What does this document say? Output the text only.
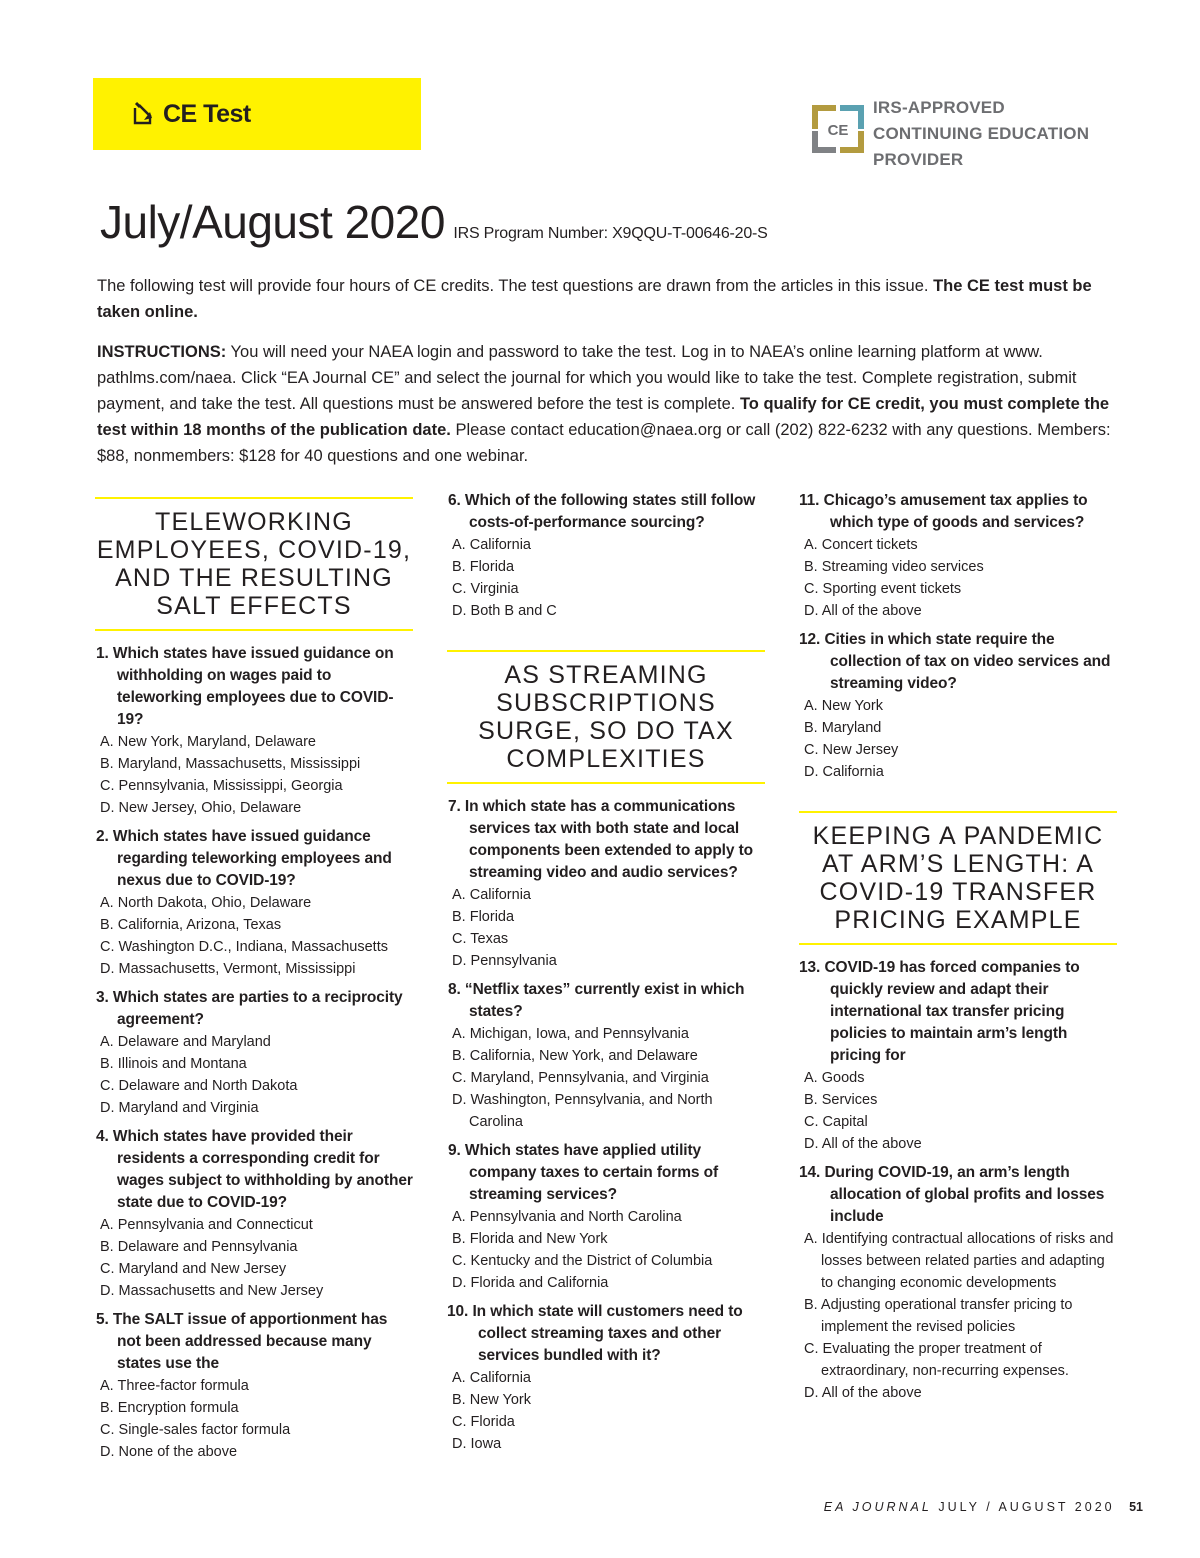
CE Test
CE
IRS-APPROVED
CONTINUING EDUCATION
PROVIDER
July/August 2020 IRS Program Number: X9QQU-T-00646-20-S

The following test will provide four hours of CE credits. The test questions are drawn from the articles in this issue. The CE test must be taken online.

INSTRUCTIONS: You will need your NAEA login and password to take the test. Log in to NAEA’s online learning platform at www. pathlms.com/naea. Click “EA Journal CE” and select the journal for which you would like to take the test. Complete registration, submit payment, and take the test. All questions must be answered before the test is complete. To qualify for CE credit, you must complete the test within 18 months of the publication date. Please contact education@naea.org or call (202) 822-6232 with any questions. Members: $88, nonmembers: $128 for 40 questions and one webinar.

TELEWORKING EMPLOYEES, COVID-19, AND THE RESULTING SALT EFFECTS

1. Which states have issued guidance on withholding on wages paid to teleworking employees due to COVID-19?

A. New York, Maryland, Delaware
B. Maryland, Massachusetts, Mississippi
C. Pennsylvania, Mississippi, Georgia
D. New Jersey, Ohio, Delaware

2. Which states have issued guidance regarding teleworking employees and nexus due to COVID-19?

A. North Dakota, Ohio, Delaware
B. California, Arizona, Texas
C. Washington D.C., Indiana, Massachusetts
D. Massachusetts, Vermont, Mississippi

3. Which states are parties to a reciprocity agreement?

A. Delaware and Maryland
B. Illinois and Montana
C. Delaware and North Dakota
D. Maryland and Virginia

4. Which states have provided their residents a corresponding credit for wages subject to withholding by another state due to COVID-19?

A. Pennsylvania and Connecticut
B. Delaware and Pennsylvania
C. Maryland and New Jersey
D. Massachusetts and New Jersey

5. The SALT issue of apportionment has not been addressed because many states use the

A. Three-factor formula
B. Encryption formula
C. Single-sales factor formula
D. None of the above

6. Which of the following states still follow costs-of-performance sourcing?

A. California
B. Florida
C. Virginia
D. Both B and C
AS STREAMING SUBSCRIPTIONS SURGE, SO DO TAX COMPLEXITIES

7. In which state has a communications services tax with both state and local components been extended to apply to streaming video and audio services?

A. California
B. Florida
C. Texas
D. Pennsylvania

8. “Netflix taxes” currently exist in which states?

A. Michigan, Iowa, and Pennsylvania
B. California, New York, and Delaware
C. Maryland, Pennsylvania, and Virginia
D. Washington, Pennsylvania, and North Carolina

9. Which states have applied utility company taxes to certain forms of streaming services?

A. Pennsylvania and North Carolina
B. Florida and New York
C. Kentucky and the District of Columbia
D. Florida and California

10. In which state will customers need to collect streaming taxes and other services bundled with it?

A. California
B. New York
C. Florida
D. Iowa

11. Chicago’s amusement tax applies to which type of goods and services?

A. Concert tickets
B. Streaming video services
C. Sporting event tickets
D. All of the above

12. Cities in which state require the collection of tax on video services and streaming video?

A. New York
B. Maryland
C. New Jersey
D. California
KEEPING A PANDEMIC AT ARM’S LENGTH: A COVID-19 TRANSFER PRICING EXAMPLE

13. COVID-19 has forced companies to quickly review and adapt their international tax transfer pricing policies to maintain arm’s length pricing for

A. Goods
B. Services
C. Capital
D. All of the above

14. During COVID-19, an arm’s length allocation of global profits and losses include

A. Identifying contractual allocations of risks and losses between related parties and adapting to changing economic developments
B. Adjusting operational transfer pricing to implement the revised policies
C. Evaluating the proper treatment of extraordinary, non-recurring expenses.
D. All of the above
EA JOURNAL JULY / AUGUST 2020 51
